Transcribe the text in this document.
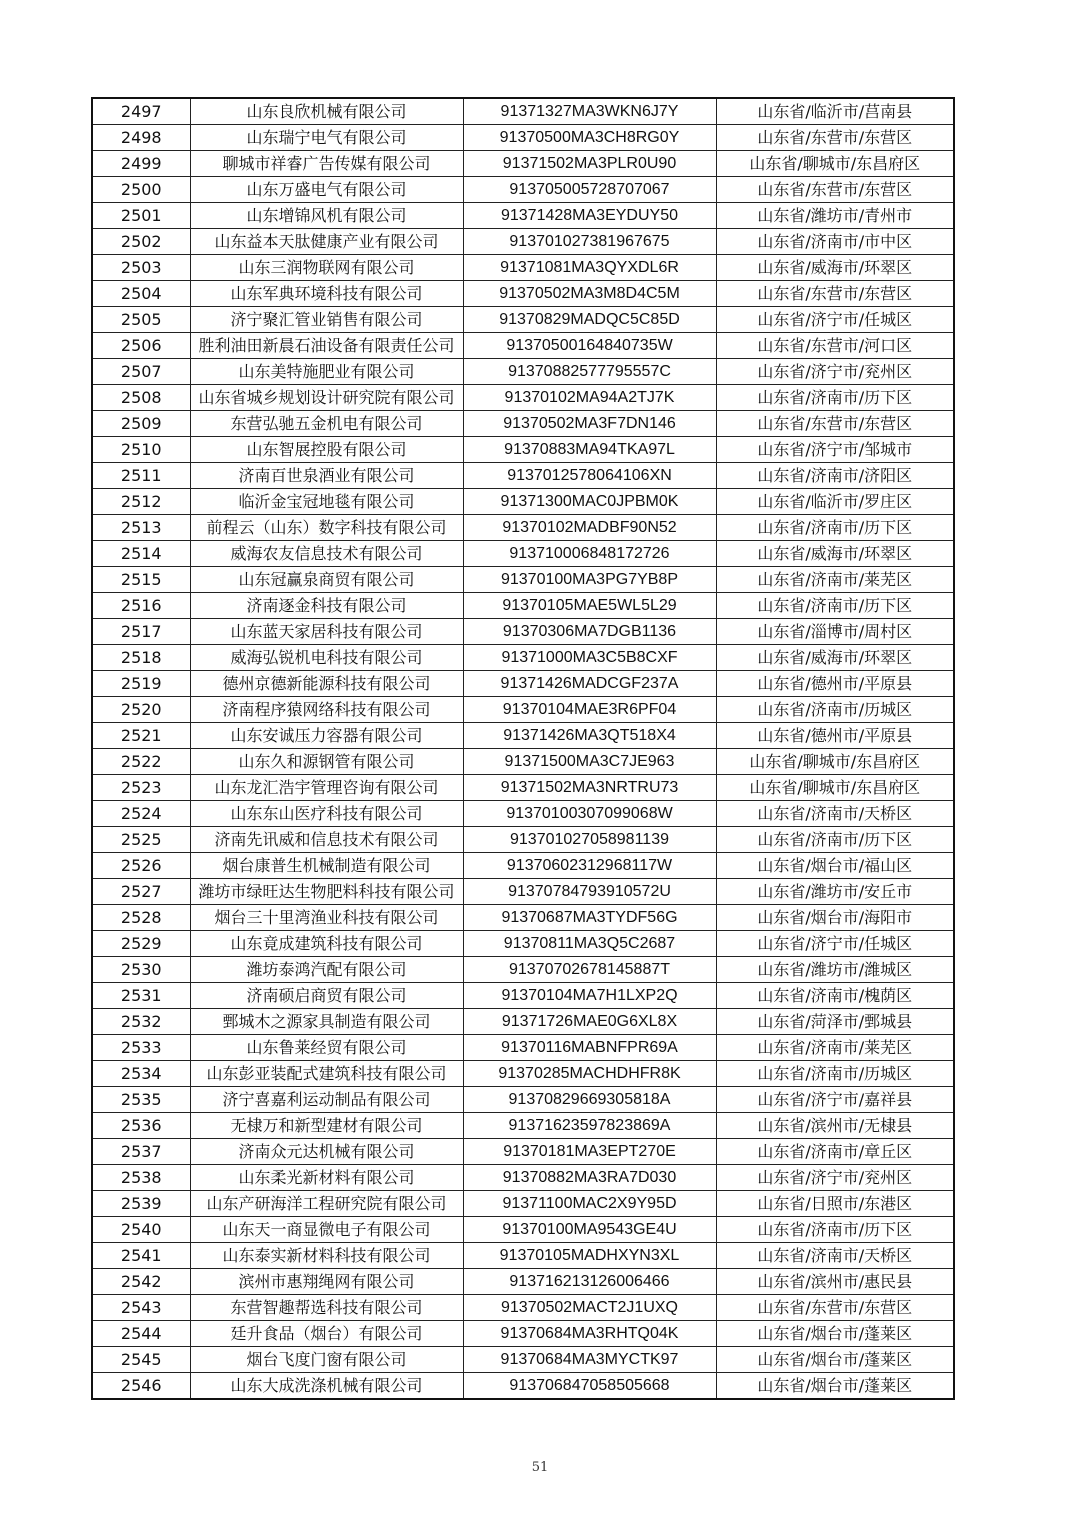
2497	山东良欣机械有限公司	91371327MA3WKN6J7Y	山东省/临沂市/莒南县
2498	山东瑞宁电气有限公司	91370500MA3CH8RG0Y	山东省/东营市/东营区
2499	聊城市祥睿广告传媒有限公司	91371502MA3PLR0U90	山东省/聊城市/东昌府区
2500	山东万盛电气有限公司	913705005728707067	山东省/东营市/东营区
2501	山东增锦风机有限公司	91371428MA3EYDUY50	山东省/潍坊市/青州市
2502	山东益本天肽健康产业有限公司	913701027381967675	山东省/济南市/市中区
2503	山东三润物联网有限公司	91371081MA3QYXDL6R	山东省/威海市/环翠区
2504	山东军典环境科技有限公司	91370502MA3M8D4C5M	山东省/东营市/东营区
2505	济宁聚汇管业销售有限公司	91370829MADQC5C85D	山东省/济宁市/任城区
2506	胜利油田新晨石油设备有限责任公司	91370500164840735W	山东省/东营市/河口区
2507	山东美特施肥业有限公司	91370882577795557C	山东省/济宁市/兖州区
2508	山东省城乡规划设计研究院有限公司	91370102MA94A2TJ7K	山东省/济南市/历下区
2509	东营弘驰五金机电有限公司	91370502MA3F7DN146	山东省/东营市/东营区
2510	山东智展控股有限公司	91370883MA94TKA97L	山东省/济宁市/邹城市
2511	济南百世泉酒业有限公司	9137012578064106XN	山东省/济南市/济阳区
2512	临沂金宝冠地毯有限公司	91371300MAC0JPBM0K	山东省/临沂市/罗庄区
2513	前程云（山东）数字科技有限公司	91370102MADBF90N52	山东省/济南市/历下区
2514	威海农友信息技术有限公司	913710006848172726	山东省/威海市/环翠区
2515	山东冠赢泉商贸有限公司	91370100MA3PG7YB8P	山东省/济南市/莱芜区
2516	济南逐金科技有限公司	91370105MAE5WL5L29	山东省/济南市/历下区
2517	山东蓝天家居科技有限公司	91370306MA7DGB1136	山东省/淄博市/周村区
2518	威海弘锐机电科技有限公司	91371000MA3C5B8CXF	山东省/威海市/环翠区
2519	德州京德新能源科技有限公司	91371426MADCGF237A	山东省/德州市/平原县
2520	济南程序猿网络科技有限公司	91370104MAE3R6PF04	山东省/济南市/历城区
2521	山东安诚压力容器有限公司	91371426MA3QT518X4	山东省/德州市/平原县
2522	山东久和源钢管有限公司	91371500MA3C7JE963	山东省/聊城市/东昌府区
2523	山东龙汇浩宇管理咨询有限公司	91371502MA3NRTRU73	山东省/聊城市/东昌府区
2524	山东东山医疗科技有限公司	91370100307099068W	山东省/济南市/天桥区
2525	济南先讯威和信息技术有限公司	913701027058981139	山东省/济南市/历下区
2526	烟台康普生机械制造有限公司	91370602312968117W	山东省/烟台市/福山区
2527	潍坊市绿旺达生物肥料科技有限公司	91370784793910572U	山东省/潍坊市/安丘市
2528	烟台三十里湾渔业科技有限公司	91370687MA3TYDF56G	山东省/烟台市/海阳市
2529	山东竟成建筑科技有限公司	91370811MA3Q5C2687	山东省/济宁市/任城区
2530	潍坊泰鸿汽配有限公司	91370702678145887T	山东省/潍坊市/潍城区
2531	济南硕启商贸有限公司	91370104MA7H1LXP2Q	山东省/济南市/槐荫区
2532	鄄城木之源家具制造有限公司	91371726MAE0G6XL8X	山东省/菏泽市/鄄城县
2533	山东鲁莱经贸有限公司	91370116MABNFPR69A	山东省/济南市/莱芜区
2534	山东彭亚装配式建筑科技有限公司	91370285MACHDHFR8K	山东省/济南市/历城区
2535	济宁喜嘉利运动制品有限公司	91370829669305818A	山东省/济宁市/嘉祥县
2536	无棣万和新型建材有限公司	91371623597823869A	山东省/滨州市/无棣县
2537	济南众元达机械有限公司	91370181MA3EPT270E	山东省/济南市/章丘区
2538	山东柔光新材料有限公司	91370882MA3RA7D030	山东省/济宁市/兖州区
2539	山东产研海洋工程研究院有限公司	91371100MAC2X9Y95D	山东省/日照市/东港区
2540	山东天一商显微电子有限公司	91370100MA9543GE4U	山东省/济南市/历下区
2541	山东泰实新材料科技有限公司	91370105MADHXYN3XL	山东省/济南市/天桥区
2542	滨州市惠翔绳网有限公司	913716213126006466	山东省/滨州市/惠民县
2543	东营智趣帮选科技有限公司	91370502MACT2J1UXQ	山东省/东营市/东营区
2544	廷升食品（烟台）有限公司	91370684MA3RHTQ04K	山东省/烟台市/蓬莱区
2545	烟台飞度门窗有限公司	91370684MA3MYCTK97	山东省/烟台市/蓬莱区
2546	山东大成洗涤机械有限公司	913706847058505668	山东省/烟台市/蓬莱区
51
